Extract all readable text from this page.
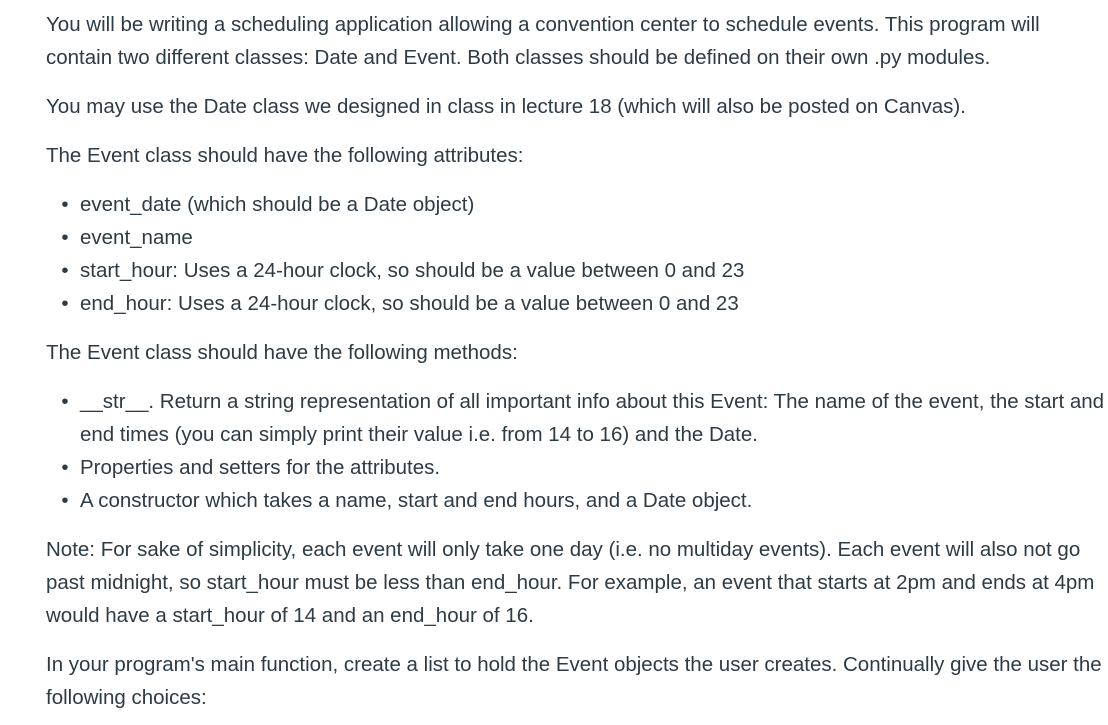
You will be writing a scheduling application allowing a convention center to schedule events. This program will contain two different classes: Date and Event. Both classes should be defined on their own .py modules.

You may use the Date class we designed in class in lecture 18 (which will also be posted on Canvas).

The Event class should have the following attributes:

• event_date (which should be a Date object)
• event_name
• start_hour: Uses a 24-hour clock, so should be a value between 0 and 23
• end_hour: Uses a 24-hour clock, so should be a value between 0 and 23

The Event class should have the following methods:

• __str__. Return a string representation of all important info about this Event: The name of the event, the start and end times (you can simply print their value i.e. from 14 to 16) and the Date.
• Properties and setters for the attributes.
• A constructor which takes a name, start and end hours, and a Date object.

Note: For sake of simplicity, each event will only take one day (i.e. no multiday events). Each event will also not go past midnight, so start_hour must be less than end_hour. For example, an event that starts at 2pm and ends at 4pm would have a start_hour of 14 and an end_hour of 16.

In your program's main function, create a list to hold the Event objects the user creates. Continually give the user the following choices:
